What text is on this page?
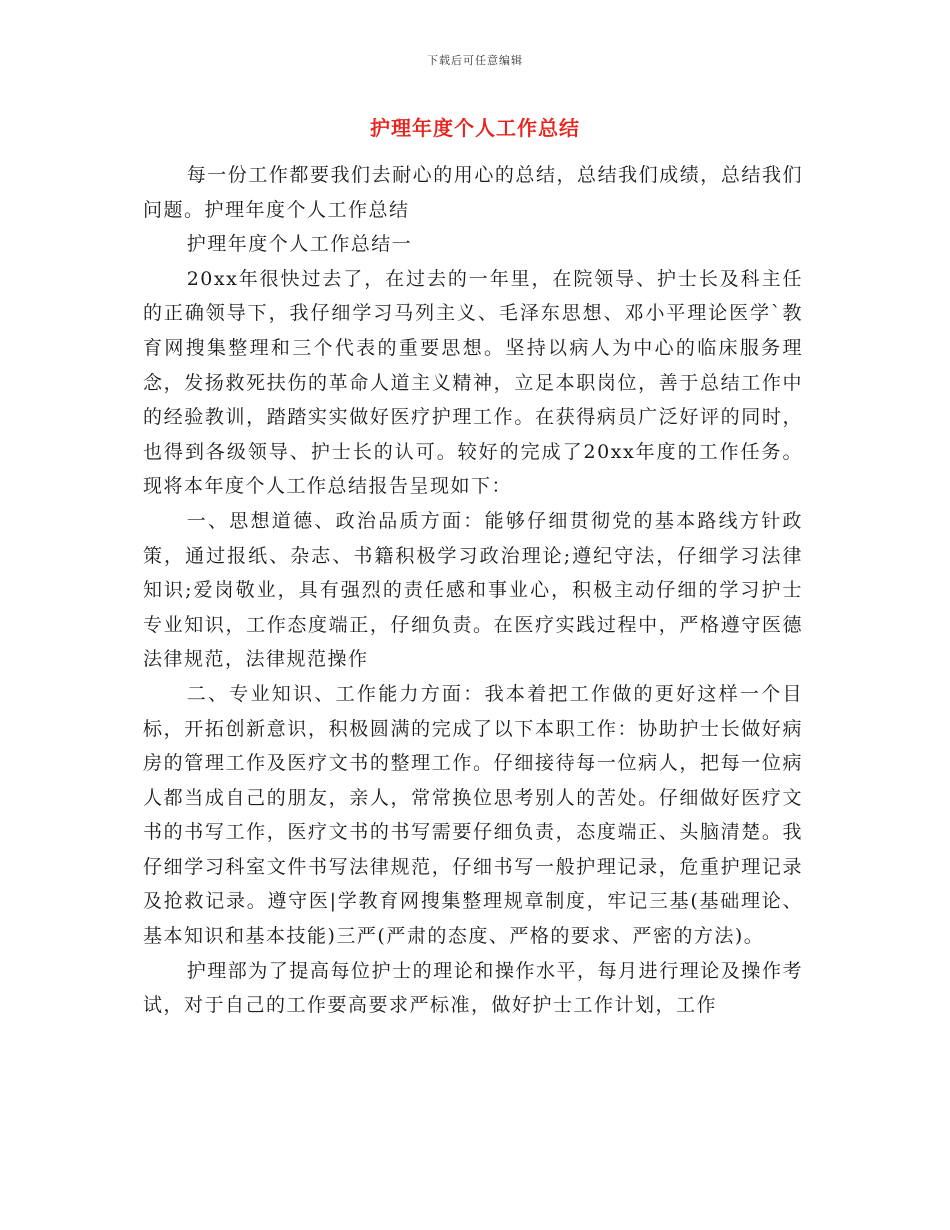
下载后可任意编辑
护理年度个人工作总结

每一份工作都要我们去耐心的用心的总结，总结我们成绩，总结我们问题。护理年度个人工作总结

护理年度个人工作总结一

20xx年很快过去了，在过去的一年里，在院领导、护士长及科主任的正确领导下，我仔细学习马列主义、毛泽东思想、邓小平理论医学`教育网搜集整理和三个代表的重要思想。坚持以病人为中心的临床服务理念，发扬救死扶伤的革命人道主义精神，立足本职岗位，善于总结工作中的经验教训，踏踏实实做好医疗护理工作。在获得病员广泛好评的同时，也得到各级领导、护士长的认可。较好的完成了20xx年度的工作任务。现将本年度个人工作总结报告呈现如下：

一、思想道德、政治品质方面：能够仔细贯彻党的基本路线方针政策，通过报纸、杂志、书籍积极学习政治理论;遵纪守法，仔细学习法律知识;爱岗敬业，具有强烈的责任感和事业心，积极主动仔细的学习护士专业知识，工作态度端正，仔细负责。在医疗实践过程中，严格遵守医德法律规范，法律规范操作

二、专业知识、工作能力方面：我本着把工作做的更好这样一个目标，开拓创新意识，积极圆满的完成了以下本职工作：协助护士长做好病房的管理工作及医疗文书的整理工作。仔细接待每一位病人，把每一位病人都当成自己的朋友，亲人，常常换位思考别人的苦处。仔细做好医疗文书的书写工作，医疗文书的书写需要仔细负责，态度端正、头脑清楚。我仔细学习科室文件书写法律规范，仔细书写一般护理记录，危重护理记录及抢救记录。遵守医|学教育网搜集整理规章制度，牢记三基(基础理论、基本知识和基本技能)三严(严肃的态度、严格的要求、严密的方法)。

护理部为了提高每位护士的理论和操作水平，每月进行理论及操作考试，对于自己的工作要高要求严标准，做好护士工作计划，工作
